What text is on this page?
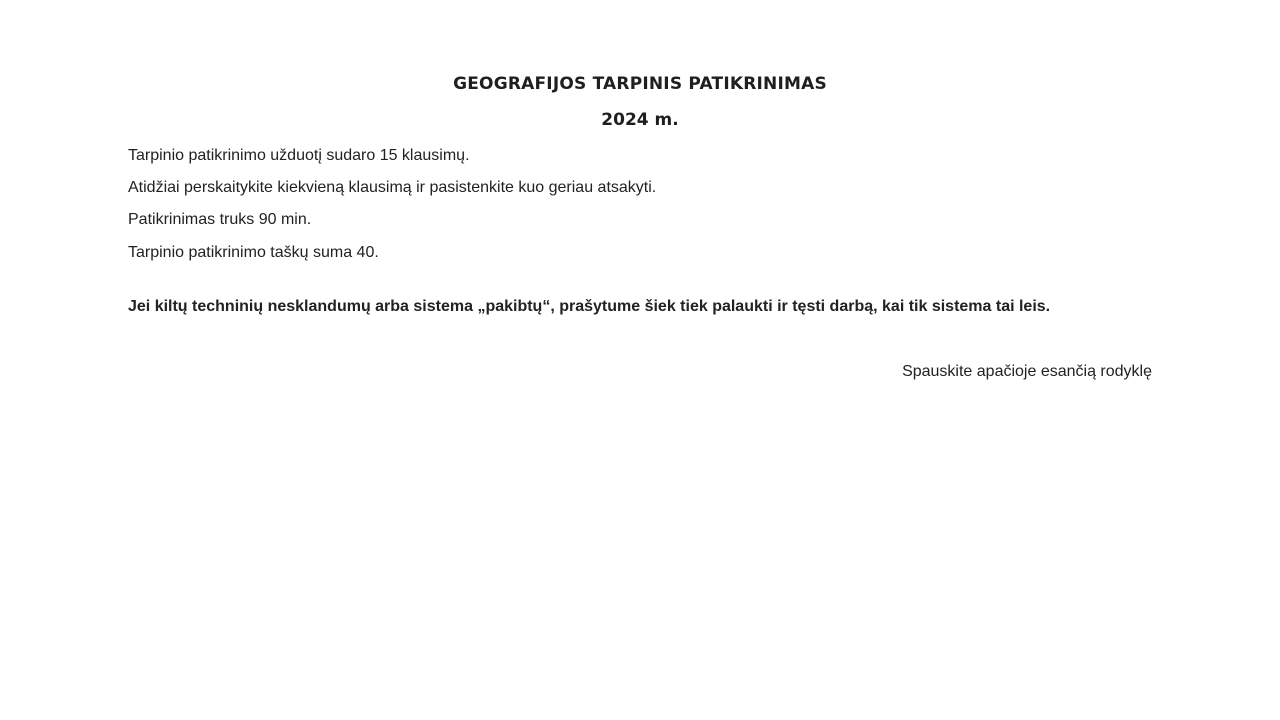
GEOGRAFIJOS TARPINIS PATIKRINIMAS
2024 m.

Tarpinio patikrinimo užduotį sudaro 15 klausimų.

Atidžiai perskaitykite kiekvieną klausimą ir pasistenkite kuo geriau atsakyti.

Patikrinimas truks 90 min.

Tarpinio patikrinimo taškų suma 40.

Jei kiltų techninių nesklandumų arba sistema „pakibtų“, prašytume šiek tiek palaukti ir tęsti darbą, kai tik sistema tai leis.

Spauskite apačioje esančią rodyklę
